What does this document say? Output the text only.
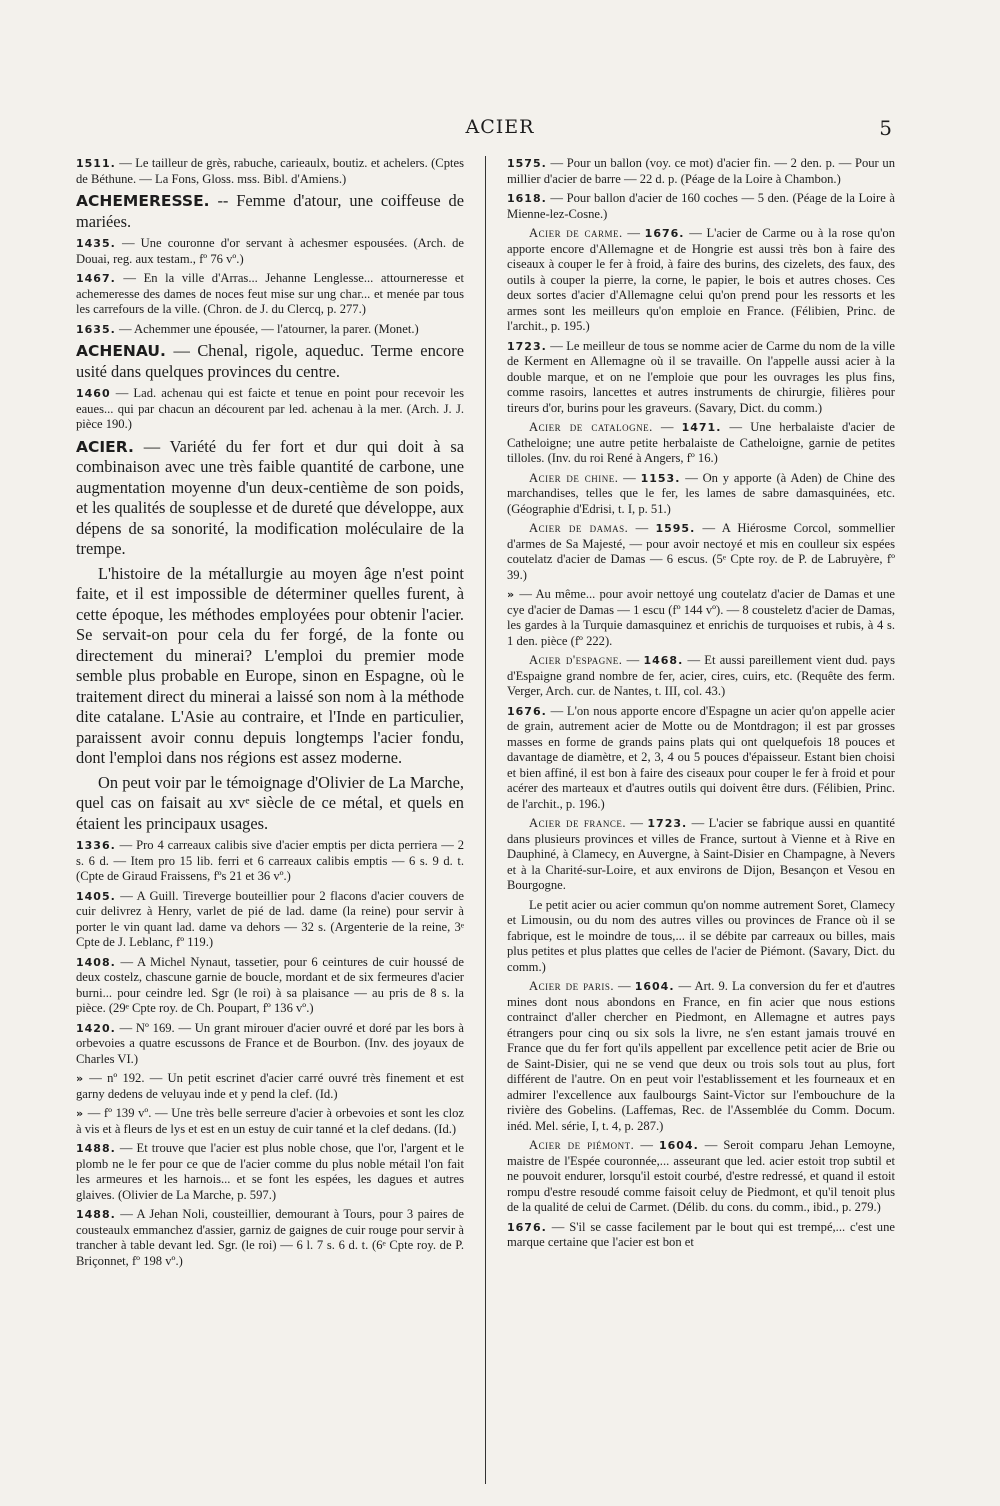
ACIER	5

1511. — Le tailleur de grès, rabuche, carieaulx, boutiz. et achelers. (Cptes de Béthune. — La Fons, Gloss. mss. Bibl. d'Amiens.)

ACHEMERESSE. -- Femme d'atour, une coiffeuse de mariées.

1435. — Une couronne d'or servant à achesmer espousées. (Arch. de Douai, reg. aux testam., fº 76 vº.)

1467. — En la ville d'Arras... Jehanne Lenglesse... attourneresse et achemeresse des dames de noces feut mise sur ung char... et menée par tous les carrefours de la ville. (Chron. de J. du Clercq, p. 277.)

1635. — Achemmer une épousée, — l'atourner, la parer. (Monet.)

ACHENAU. — Chenal, rigole, aqueduc. Terme encore usité dans quelques provinces du centre.

1460 — Lad. achenau qui est faicte et tenue en point pour recevoir les eaues... qui par chacun an décourent par led. achenau à la mer. (Arch. J. J. pièce 190.)

ACIER. — Variété du fer fort et dur qui doit à sa combinaison avec une très faible quantité de carbone, une augmentation moyenne d'un deux-centième de son poids, et les qualités de souplesse et de dureté que développe, aux dépens de sa sonorité, la modification moléculaire de la trempe.

L'histoire de la métallurgie au moyen âge n'est point faite, et il est impossible de déterminer quelles furent, à cette époque, les méthodes employées pour obtenir l'acier. Se servait-on pour cela du fer forgé, de la fonte ou directement du minerai? L'emploi du premier mode semble plus probable en Europe, sinon en Espagne, où le traitement direct du minerai a laissé son nom à la méthode dite catalane. L'Asie au contraire, et l'Inde en particulier, paraissent avoir connu depuis longtemps l'acier fondu, dont l'emploi dans nos régions est assez moderne.

On peut voir par le témoignage d'Olivier de La Marche, quel cas on faisait au xvᵉ siècle de ce métal, et quels en étaient les principaux usages.

1336. — Pro 4 carreaux calibis sive d'acier emptis per dicta perriera — 2 s. 6 d. — Item pro 15 lib. ferri et 6 carreaux calibis emptis — 6 s. 9 d. t. (Cpte de Giraud Fraissens, fºs 21 et 36 vº.)

1405. — A Guill. Tireverge bouteillier pour 2 flacons d'acier couvers de cuir delivrez à Henry, varlet de pié de lad. dame (la reine) pour servir à porter le vin quant lad. dame va dehors — 32 s. (Argenterie de la reine, 3ᵉ Cpte de J. Leblanc, fº 119.)

1408. — A Michel Nynaut, tassetier, pour 6 ceintures de cuir houssé de deux costelz, chascune garnie de boucle, mordant et de six fermeures d'acier burni... pour ceindre led. Sgr (le roi) à sa plaisance — au pris de 8 s. la pièce. (29ᵉ Cpte roy. de Ch. Poupart, fº 136 vº.)

1420. — Nº 169. — Un grant mirouer d'acier ouvré et doré par les bors à orbevoies a quatre escussons de France et de Bourbon. (Inv. des joyaux de Charles VI.)

» — nº 192. — Un petit escrinet d'acier carré ouvré très finement et est garny dedens de veluyau inde et y pend la clef. (Id.)

» — fº 139 vº. — Une très belle serreure d'acier à orbevoies et sont les cloz à vis et à fleurs de lys et est en un estuy de cuir tanné et la clef dedans. (Id.)

1488. — Et trouve que l'acier est plus noble chose, que l'or, l'argent et le plomb ne le fer pour ce que de l'acier comme du plus noble métail l'on fait les armeures et les harnois... et se font les espées, les dagues et autres glaives. (Olivier de La Marche, p. 597.)

1488. — A Jehan Noli, cousteillier, demourant à Tours, pour 3 paires de cousteaulx emmanchez d'assier, garniz de gaignes de cuir rouge pour servir à trancher à table devant led. Sgr. (le roi) — 6 l. 7 s. 6 d. t. (6ᵉ Cpte roy. de P. Briçonnet, fº 198 vº.)

1575. — Pour un ballon (voy. ce mot) d'acier fin. — 2 den. p. — Pour un millier d'acier de barre — 22 d. p. (Péage de la Loire à Chambon.)

1618. — Pour ballon d'acier de 160 coches — 5 den. (Péage de la Loire à Mienne-lez-Cosne.)

Acier de carme. — 1676. — L'acier de Carme ou à la rose qu'on apporte encore d'Allemagne et de Hongrie est aussi très bon à faire des ciseaux à couper le fer à froid, à faire des burins, des cizelets, des faux, des outils à couper la pierre, la corne, le papier, le bois et autres choses. Ces deux sortes d'acier d'Allemagne celui qu'on prend pour les ressorts et les armes sont les meilleurs qu'on emploie en France. (Félibien, Princ. de l'archit., p. 195.)

1723. — Le meilleur de tous se nomme acier de Carme du nom de la ville de Kerment en Allemagne où il se travaille. On l'appelle aussi acier à la double marque, et on ne l'emploie que pour les ouvrages les plus fins, comme rasoirs, lancettes et autres instruments de chirurgie, filières pour tireurs d'or, burins pour les graveurs. (Savary, Dict. du comm.)

Acier de catalogne. — 1471. — Une herbalaiste d'acier de Catheloigne; une autre petite herbalaiste de Catheloigne, garnie de petites tilloles. (Inv. du roi René à Angers, fº 16.)

Acier de chine. — 1153. — On y apporte (à Aden) de Chine des marchandises, telles que le fer, les lames de sabre damasquinées, etc. (Géographie d'Edrisi, t. I, p. 51.)

Acier de damas. — 1595. — A Hiérosme Corcol, sommellier d'armes de Sa Majesté, — pour avoir nectoyé et mis en coulleur six espées coutelatz d'acier de Damas — 6 escus. (5ᵉ Cpte roy. de P. de Labruyère, fº 39.)

» — Au même... pour avoir nettoyé ung coutelatz d'acier de Damas et une cye d'acier de Damas — 1 escu (fº 144 vº). — 8 cousteletz d'acier de Damas, les gardes à la Turquie damasquinez et enrichis de turquoises et rubis, à 4 s. 1 den. pièce (fº 222).

Acier d'espagne. — 1468. — Et aussi pareillement vient dud. pays d'Espaigne grand nombre de fer, acier, cires, cuirs, etc. (Requête des ferm. Verger, Arch. cur. de Nantes, t. III, col. 43.)

1676. — L'on nous apporte encore d'Espagne un acier qu'on appelle acier de grain, autrement acier de Motte ou de Montdragon; il est par grosses masses en forme de grands pains plats qui ont quelquefois 18 pouces et davantage de diamètre, et 2, 3, 4 ou 5 pouces d'épaisseur. Estant bien choisi et bien affiné, il est bon à faire des ciseaux pour couper le fer à froid et pour acérer des marteaux et d'autres outils qui doivent être durs. (Félibien, Princ. de l'archit., p. 196.)

Acier de france. — 1723. — L'acier se fabrique aussi en quantité dans plusieurs provinces et villes de France, surtout à Vienne et à Rive en Dauphiné, à Clamecy, en Auvergne, à Saint-Disier en Champagne, à Nevers et à la Charité-sur-Loire, et aux environs de Dijon, Besançon et Vesou en Bourgogne.

Le petit acier ou acier commun qu'on nomme autrement Soret, Clamecy et Limousin, ou du nom des autres villes ou provinces de France où il se fabrique, est le moindre de tous,... il se débite par carreaux ou billes, mais plus petites et plus plattes que celles de l'acier de Piémont. (Savary, Dict. du comm.)

Acier de paris. — 1604. — Art. 9. La conversion du fer et d'autres mines dont nous abondons en France, en fin acier que nous estions contrainct d'aller chercher en Piedmont, en Allemagne et autres pays étrangers pour cinq ou six sols la livre, ne s'en estant jamais trouvé en France que du fer fort qu'ils appellent par excellence petit acier de Brie ou de Saint-Disier, qui ne se vend que deux ou trois sols tout au plus, fort différent de l'autre. On en peut voir l'establissement et les fourneaux et en admirer l'excellence aux faulbourgs Saint-Victor sur l'embouchure de la rivière des Gobelins. (Laffemas, Rec. de l'Assemblée du Comm. Docum. inéd. Mel. série, I, t. 4, p. 287.)

Acier de piémont. — 1604. — Seroit comparu Jehan Lemoyne, maistre de l'Espée couronnée,... asseurant que led. acier estoit trop subtil et ne pouvoit endurer, lorsqu'il estoit courbé, d'estre redressé, et quand il estoit rompu d'estre resoudé comme faisoit celuy de Piedmont, et qu'il tenoit plus de la qualité de celui de Carmet. (Délib. du cons. du comm., ibid., p. 279.)

1676. — S'il se casse facilement par le bout qui est trempé,... c'est une marque certaine que l'acier est bon et
